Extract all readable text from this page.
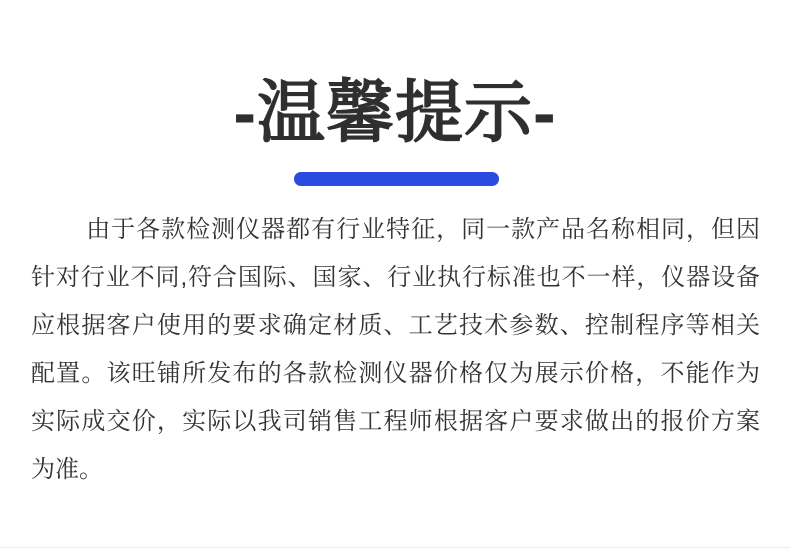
-温馨提示-
由于各款检测仪器都有行业特征，同一款产品名称相同，但因
针对行业不同,符合国际、国家、行业执行标准也不一样，仪器设备
应根据客户使用的要求确定材质、工艺技术参数、控制程序等相关
配置。该旺铺所发布的各款检测仪器价格仅为展示价格，不能作为
实际成交价，实际以我司销售工程师根据客户要求做出的报价方案
为准。
